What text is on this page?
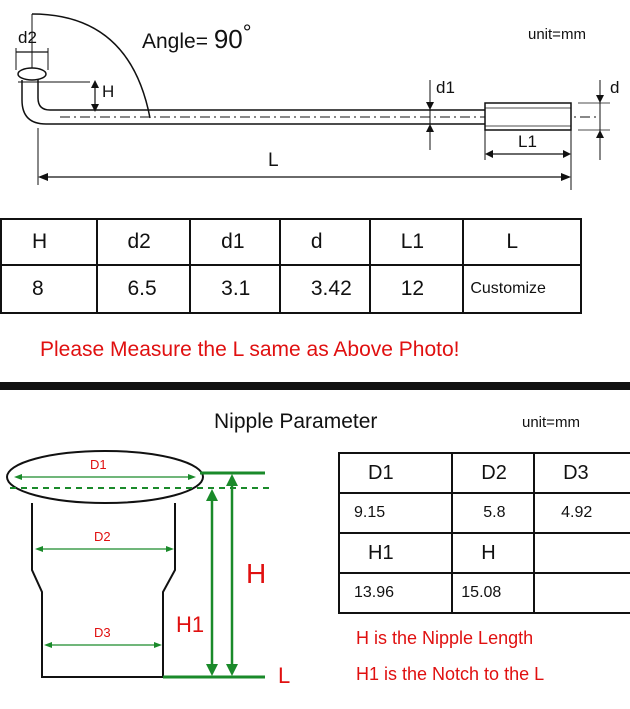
d2
H	d1	d
L1
L
Angle= 90°	unit=mm
H	d2	d1	d	L1	L
8	6.5	3.1	3.42	12	Customize
Please Measure the L same as Above Photo!
Nipple Parameter	unit=mm
D1
D2
D3
H
H1
L
D1	D2	D3
9.15	5.8	4.92
H1	H	
13.96	15.08	
H is the Nipple Length
H1 is the Notch to the L
